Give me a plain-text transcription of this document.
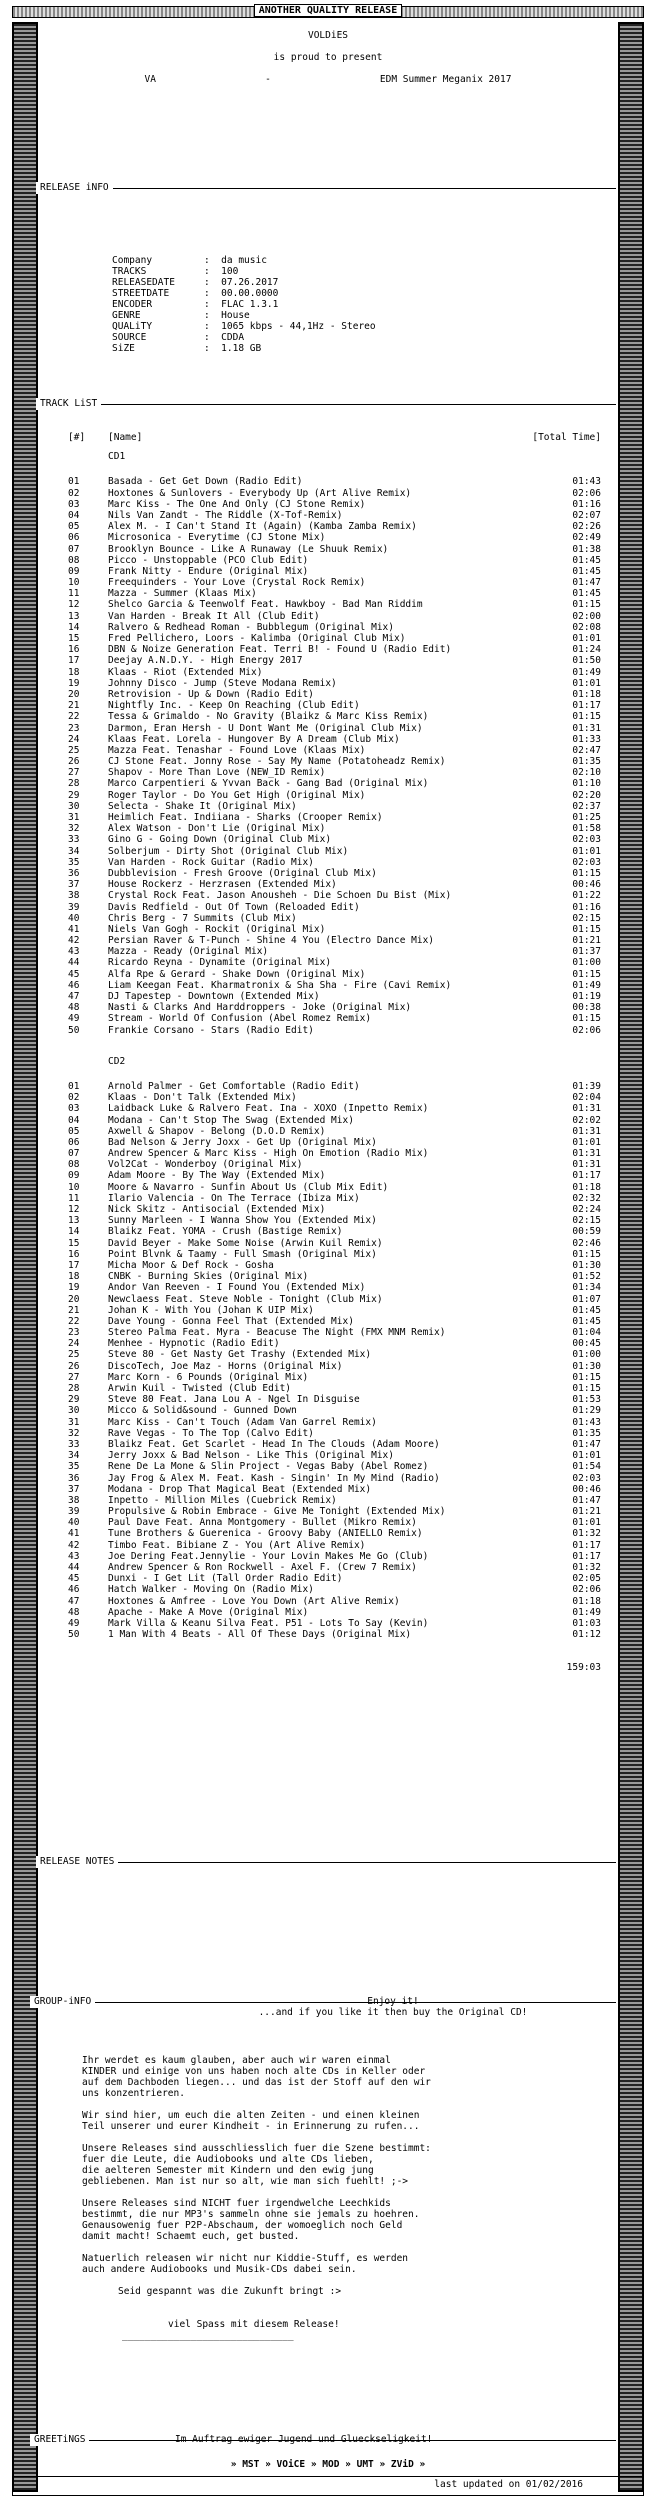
ANOTHER QUALITY RELEASE
VOLDiES
is proud to present
VA	-	EDM Summer Meganix 2017
RELEASE iNFO
Company	:	da music
TRACKS	:	100
RELEASEDATE	:	07.26.2017
STREETDATE	:	00.00.0000
ENCODER	:	FLAC 1.3.1
GENRE	:	House
QUALiTY	:	1065 kbps - 44,1Hz - Stereo
SOURCE	:	CDDA
SiZE	:	1.18 GB
TRACK LiST
[#]	[Name]	[Total Time]
CD1
01	Basada - Get Get Down (Radio Edit)	01:43
02	Hoxtones & Sunlovers - Everybody Up (Art Alive Remix)	02:06
03	Marc Kiss - The One And Only (CJ Stone Remix)	01:16
04	Nils Van Zandt - The Riddle (X-Tof-Remix)	02:07
05	Alex M. - I Can't Stand It (Again) (Kamba Zamba Remix)	02:26
06	Microsonica - Everytime (CJ Stone Mix)	02:49
07	Brooklyn Bounce - Like A Runaway (Le Shuuk Remix)	01:38
08	Picco - Unstoppable (PCO Club Edit)	01:45
09	Frank Nitty - Endure (Original Mix)	01:45
10	Freequinders - Your Love (Crystal Rock Remix)	01:47
11	Mazza - Summer (Klaas Mix)	01:45
12	Shelco Garcia & Teenwolf Feat. Hawkboy - Bad Man Riddim	01:15
13	Van Harden - Break It All (Club Edit)	02:00
14	Ralvero & Redhead Roman - Bubblegum (Original Mix)	02:08
15	Fred Pellichero, Loors - Kalimba (Original Club Mix)	01:01
16	DBN & Noize Generation Feat. Terri B! - Found U (Radio Edit)	01:24
17	Deejay A.N.D.Y. - High Energy 2017	01:50
18	Klaas - Riot (Extended Mix)	01:49
19	Johnny Disco - Jump (Steve Modana Remix)	01:01
20	Retrovision - Up & Down (Radio Edit)	01:18
21	Nightfly Inc. - Keep On Reaching (Club Edit)	01:17
22	Tessa & Grimaldo - No Gravity (Blaikz & Marc Kiss Remix)	01:15
23	Darmon, Eran Hersh - U Dont Want Me (Original Club Mix)	01:31
24	Klaas Feat. Lorela - Hungover By A Dream (Club Mix)	01:33
25	Mazza Feat. Tenashar - Found Love (Klaas Mix)	02:47
26	CJ Stone Feat. Jonny Rose - Say My Name (Potatoheadz Remix)	01:35
27	Shapov - More Than Love (NEW_ID Remix)	02:10
28	Marco Carpentieri & Yvvan Back - Gang Bad (Original Mix)	01:10
29	Roger Taylor - Do You Get High (Original Mix)	02:20
30	Selecta - Shake It (Original Mix)	02:37
31	Heimlich Feat. Indiiana - Sharks (Crooper Remix)	01:25
32	Alex Watson - Don't Lie (Original Mix)	01:58
33	Gino G - Going Down (Original Club Mix)	02:03
34	Solberjum - Dirty Shot (Original Club Mix)	01:01
35	Van Harden - Rock Guitar (Radio Mix)	02:03
36	Dubblevision - Fresh Groove (Original Club Mix)	01:15
37	House Rockerz - Herzrasen (Extended Mix)	00:46
38	Crystal Rock Feat. Jason Anousheh - Die Schoen Du Bist (Mix)	01:22
39	Davis Redfield - Out Of Town (Reloaded Edit)	01:16
40	Chris Berg - 7 Summits (Club Mix)	02:15
41	Niels Van Gogh - Rockit (Original Mix)	01:15
42	Persian Raver & T-Punch - Shine 4 You (Electro Dance Mix)	01:21
43	Mazza - Ready (Original Mix)	01:37
44	Ricardo Reyna - Dynamite (Original Mix)	01:00
45	Alfa Rpe & Gerard - Shake Down (Original Mix)	01:15
46	Liam Keegan Feat. Kharmatronix & Sha Sha - Fire (Cavi Remix)	01:49
47	DJ Tapestep - Downtown (Extended Mix)	01:19
48	Nasti & Clarks And Harddroppers - Joke (Original Mix)	00:38
49	Stream - World Of Confusion (Abel Romez Remix)	01:15
50	Frankie Corsano - Stars (Radio Edit)	02:06
CD2
01	Arnold Palmer - Get Comfortable (Radio Edit)	01:39
02	Klaas - Don't Talk (Extended Mix)	02:04
03	Laidback Luke & Ralvero Feat. Ina - XOXO (Inpetto Remix)	01:31
04	Modana - Can't Stop The Swag (Extended Mix)	02:02
05	Axwell & Shapov - Belong (D.O.D Remix)	01:31
06	Bad Nelson & Jerry Joxx - Get Up (Original Mix)	01:01
07	Andrew Spencer & Marc Kiss - High On Emotion (Radio Mix)	01:31
08	Vol2Cat - Wonderboy (Original Mix)	01:31
09	Adam Moore - By The Way (Extended Mix)	01:17
10	Moore & Navarro - Sunfin About Us (Club Mix Edit)	01:18
11	Ilario Valencia - On The Terrace (Ibiza Mix)	02:32
12	Nick Skitz - Antisocial (Extended Mix)	02:24
13	Sunny Marleen - I Wanna Show You (Extended Mix)	02:15
14	Blaikz Feat. YOMA - Crush (Bastige Remix)	00:59
15	David Beyer - Make Some Noise (Arwin Kuil Remix)	02:46
16	Point Blvnk & Taamy - Full Smash (Original Mix)	01:15
17	Micha Moor & Def Rock - Gosha	01:30
18	CNBK - Burning Skies (Original Mix)	01:52
19	Andor Van Reeven - I Found You (Extended Mix)	01:34
20	Newclaess Feat. Steve Noble - Tonight (Club Mix)	01:07
21	Johan K - With You (Johan K UIP Mix)	01:45
22	Dave Young - Gonna Feel That (Extended Mix)	01:45
23	Stereo Palma Feat. Myra - Beacuse The Night (FMX MNM Remix)	01:04
24	Menhee - Hypnotic (Radio Edit)	00:45
25	Steve 80 - Get Nasty Get Trashy (Extended Mix)	01:00
26	DiscoTech, Joe Maz - Horns (Original Mix)	01:30
27	Marc Korn - 6 Pounds (Original Mix)	01:15
28	Arwin Kuil - Twisted (Club Edit)	01:15
29	Steve 80 Feat. Jana Lou A - Ngel In Disguise	01:53
30	Micco & Solid&sound - Gunned Down	01:29
31	Marc Kiss - Can't Touch (Adam Van Garrel Remix)	01:43
32	Rave Vegas - To The Top (Calvo Edit)	01:35
33	Blaikz Feat. Get Scarlet - Head In The Clouds (Adam Moore)	01:47
34	Jerry Joxx & Bad Nelson - Like This (Original Mix)	01:01
35	Rene De La Mone & Slin Project - Vegas Baby (Abel Romez)	01:54
36	Jay Frog & Alex M. Feat. Kash - Singin' In My Mind (Radio)	02:03
37	Modana - Drop That Magical Beat (Extended Mix)	00:46
38	Inpetto - Million Miles (Cuebrick Remix)	01:47
39	Propulsive & Robin Embrace - Give Me Tonight (Extended Mix)	01:21
40	Paul Dave Feat. Anna Montgomery - Bullet (Mikro Remix)	01:01
41	Tune Brothers & Guerenica - Groovy Baby (ANIELLO Remix)	01:32
42	Timbo Feat. Bibiane Z - You (Art Alive Remix)	01:17
43	Joe Dering Feat.Jennylie - Your Lovin Makes Me Go (Club)	01:17
44	Andrew Spencer & Ron Rockwell - Axel F. (Crew 7 Remix)	01:32
45	Dunxi - I Get Lit (Tall Order Radio Edit)	02:05
46	Hatch Walker - Moving On (Radio Mix)	02:06
47	Hoxtones & Amfree - Love You Down (Art Alive Remix)	01:18
48	Apache - Make A Move (Original Mix)	01:49
49	Mark Villa & Keanu Silva Feat. P51 - Lots To Say (Kevin)	01:03
50	1 Man With 4 Beats - All Of These Days (Original Mix)	01:12
159:03
RELEASE NOTES
GROUP-iNFO	Enjoy it!
...and if you like it then buy the Original CD!
Ihr werdet es kaum glauben, aber auch wir waren einmal
KINDER und einige von uns haben noch alte CDs in Keller oder
auf dem Dachboden liegen... und das ist der Stoff auf den wir
uns konzentrieren.
Wir sind hier, um euch die alten Zeiten - und einen kleinen
Teil unserer und eurer Kindheit - in Erinnerung zu rufen...
Unsere Releases sind ausschliesslich fuer die Szene bestimmt:
fuer die Leute, die Audiobooks und alte CDs lieben,
die aelteren Semester mit Kindern und den ewig jung
gebliebenen. Man ist nur so alt, wie man sich fuehlt! ;->
Unsere Releases sind NICHT fuer irgendwelche Leechkids
bestimmt, die nur MP3's sammeln ohne sie jemals zu hoehren.
Genausowenig fuer P2P-Abschaum, der womoeglich noch Geld
damit macht! Schaemt euch, get busted.
Natuerlich releasen wir nicht nur Kiddie-Stuff, es werden
auch andere Audiobooks und Musik-CDs dabei sein.
Seid gespannt was die Zukunft bringt :>
viel Spass mit diesem Release!
______________________________
GREETiNGS	Im Auftrag ewiger Jugend und Glueckseligkeit!
» MST » VOiCE » MOD » UMT » ZViD »
last updated on 01/02/2016
